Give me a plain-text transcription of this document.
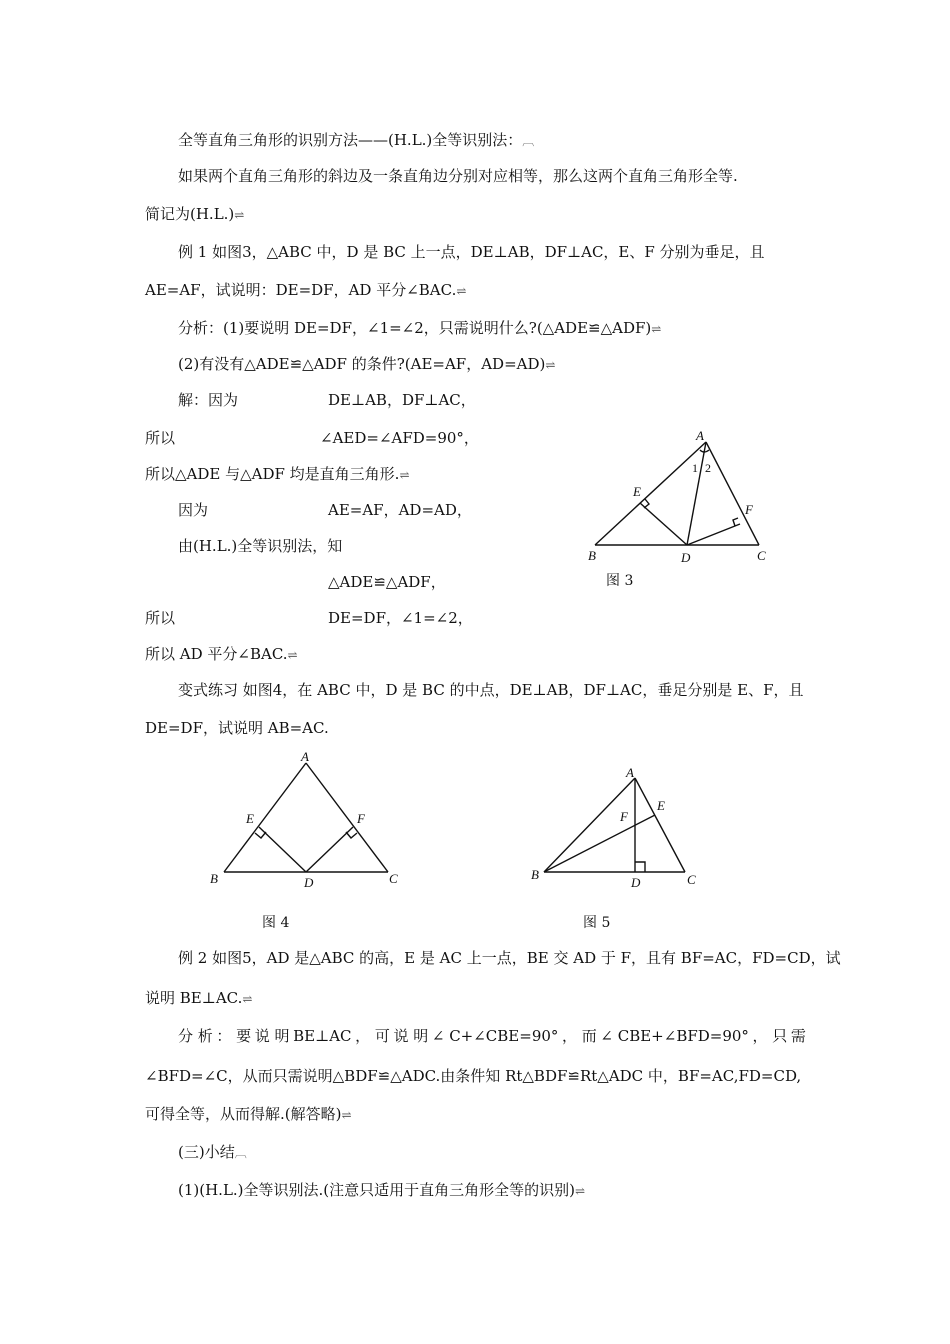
全等直角三角形的识别方法——(H.L.)全等识别法：︹
如果两个直角三角形的斜边及一条直角边分别对应相等，那么这两个直角三角形全等.
简记为(H.L.)⇌
例 1 如图3，△ABC 中，D 是 BC 上一点，DE⊥AB，DF⊥AC，E、F 分别为垂足，且
AE=AF，试说明：DE=DF，AD 平分∠BAC.⇌
分析：(1)要说明 DE=DF，∠1=∠2，只需说明什么?(△ADE≌△ADF)⇌
(2)有没有△ADE≌△ADF 的条件?(AE=AF，AD=AD)⇌
解：因为	DE⊥AB，DF⊥AC，
所以	∠AED=∠AFD=90°，
所以△ADE 与△ADF 均是直角三角形.⇌
因为	AE=AF，AD=AD，
由(H.L.)全等识别法，知
△ADE≌△ADF，
所以	DE=DF，∠1=∠2，
所以 AD 平分∠BAC.⇌
变式练习 如图4，在 ABC 中，D 是 BC 的中点，DE⊥AB，DF⊥AC，垂足分别是 E、F，且
DE=DF，试说明 AB=AC.
A
B	C
D
E
F
1 2
图 3
A
B	C
D
E	F
图 4
A
B	C
D
E
F
图 5
例 2 如图5，AD 是△ABC 的高，E 是 AC 上一点，BE 交 AD 于 F，且有 BF=AC，FD=CD，试
说明 BE⊥AC.⇌
分 析 ： 要 说 明 BE⊥AC ， 可 说 明 ∠ C+∠CBE=90° ， 而 ∠ CBE+∠BFD=90° ， 只 需
∠BFD=∠C，从而只需说明△BDF≌△ADC.由条件知 Rt△BDF≌Rt△ADC 中，BF=AC,FD=CD,
可得全等，从而得解.(解答略)⇌
(三)小结︹
(1)(H.L.)全等识别法.(注意只适用于直角三角形全等的识别)⇌
